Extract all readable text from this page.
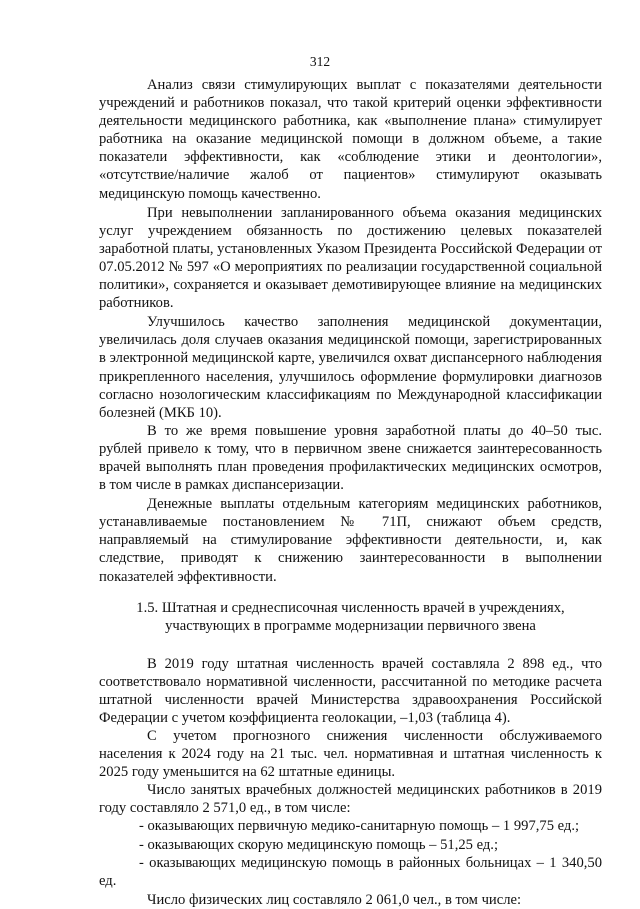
312

Анализ связи стимулирующих выплат с показателями деятельности учреждений и работников показал, что такой критерий оценки эффективности деятельности медицинского работника, как «выполнение плана» стимулирует работника на оказание медицинской помощи в должном объеме, а такие показатели эффективности, как «соблюдение этики и деонтологии», «отсутствие/наличие жалоб от пациентов» стимулируют оказывать медицинскую помощь качественно.

При невыполнении запланированного объема оказания медицинских услуг учреждением обязанность по достижению целевых показателей заработной платы, установленных Указом Президента Российской Федерации от 07.05.2012 № 597 «О мероприятиях по реализации государственной социальной политики», сохраняется и оказывает демотивирующее влияние на медицинских работников.

Улучшилось качество заполнения медицинской документации, увеличилась доля случаев оказания медицинской помощи, зарегистрированных в электронной медицинской карте, увеличился охват диспансерного наблюдения прикрепленного населения, улучшилось оформление формулировки диагнозов согласно нозологическим классификациям по Международной классификации болезней (МКБ 10).

В то же время повышение уровня заработной платы до 40–50 тыс. рублей привело к тому, что в первичном звене снижается заинтересованность врачей выполнять план проведения профилактических медицинских осмотров, в том числе в рамках диспансеризации.

Денежные выплаты отдельным категориям медицинских работников, устанавливаемые постановлением № 71П, снижают объем средств, направляемый на стимулирование эффективности деятельности, и, как следствие, приводят к снижению заинтересованности в выполнении показателей эффективности.

1.5. Штатная и среднесписочная численность врачей в учреждениях, участвующих в программе модернизации первичного звена

В 2019 году штатная численность врачей составляла 2 898 ед., что соответствовало нормативной численности, рассчитанной по методике расчета штатной численности врачей Министерства здравоохранения Российской Федерации с учетом коэффициента геолокации, –1,03 (таблица 4).

С учетом прогнозного снижения численности обслуживаемого населения к 2024 году на 21 тыс. чел. нормативная и штатная численность к 2025 году уменьшится на 62 штатные единицы.

Число занятых врачебных должностей медицинских работников в 2019 году составляло 2 571,0 ед., в том числе:

- оказывающих первичную медико-санитарную помощь – 1 997,75 ед.;

- оказывающих скорую медицинскую помощь – 51,25 ед.;

- оказывающих медицинскую помощь в районных больницах – 1 340,50 ед.

Число физических лиц составляло 2 061,0 чел., в том числе:
